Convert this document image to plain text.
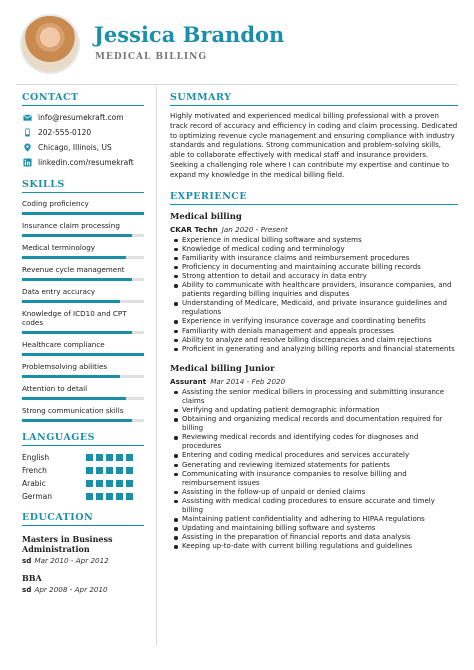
Jessica Brandon
MEDICAL BILLING
CONTACT
info@resumekraft.com
202-555-0120
Chicago, Illinois, US
linkedin.com/resumekraft
SKILLS
Coding proficiency
Insurance claim processing
Medical terminology
Revenue cycle management
Data entry accuracy
Knowledge of ICD10 and CPT codes
Healthcare compliance
Problemsolving abilities
Attention to detail
Strong communication skills
LANGUAGES
English
French
Arabic
German
EDUCATION
Masters in Business Administration
sd Mar 2010 - Apr 2012
BBA
sd Apr 2008 - Apr 2010
SUMMARY
Highly motivated and experienced medical billing professional with a proven track record of accuracy and efficiency in coding and claim processing. Dedicated to optimizing revenue cycle management and ensuring compliance with industry standards and regulations. Strong communication and problem-solving skills, able to collaborate effectively with medical staff and insurance providers. Seeking a challenging role where I can contribute my expertise and continue to expand my knowledge in the medical billing field.
EXPERIENCE
Medical billing
CKAR Techn Jan 2020 - Present
Experience in medical billing software and systems
Knowledge of medical coding and terminology
Familiarity with insurance claims and reimbursement procedures
Proficiency in documenting and maintaining accurate billing records
Strong attention to detail and accuracy in data entry
Ability to communicate with healthcare providers, insurance companies, and patients regarding billing inquiries and disputes
Understanding of Medicare, Medicaid, and private insurance guidelines and regulations
Experience in verifying insurance coverage and coordinating benefits
Familiarity with denials management and appeals processes
Ability to analyze and resolve billing discrepancies and claim rejections
Proficient in generating and analyzing billing reports and financial statements
Medical billing Junior
Assurant Mar 2014 - Feb 2020
Assisting the senior medical billers in processing and submitting insurance claims
Verifying and updating patient demographic information
Obtaining and organizing medical records and documentation required for billing
Reviewing medical records and identifying codes for diagnoses and procedures
Entering and coding medical procedures and services accurately
Generating and reviewing itemized statements for patients
Communicating with insurance companies to resolve billing and reimbursement issues
Assisting in the follow-up of unpaid or denied claims
Assisting with medical coding procedures to ensure accurate and timely billing
Maintaining patient confidentiality and adhering to HIPAA regulations
Updating and maintaining billing software and systems
Assisting in the preparation of financial reports and data analysis
Keeping up-to-date with current billing regulations and guidelines
